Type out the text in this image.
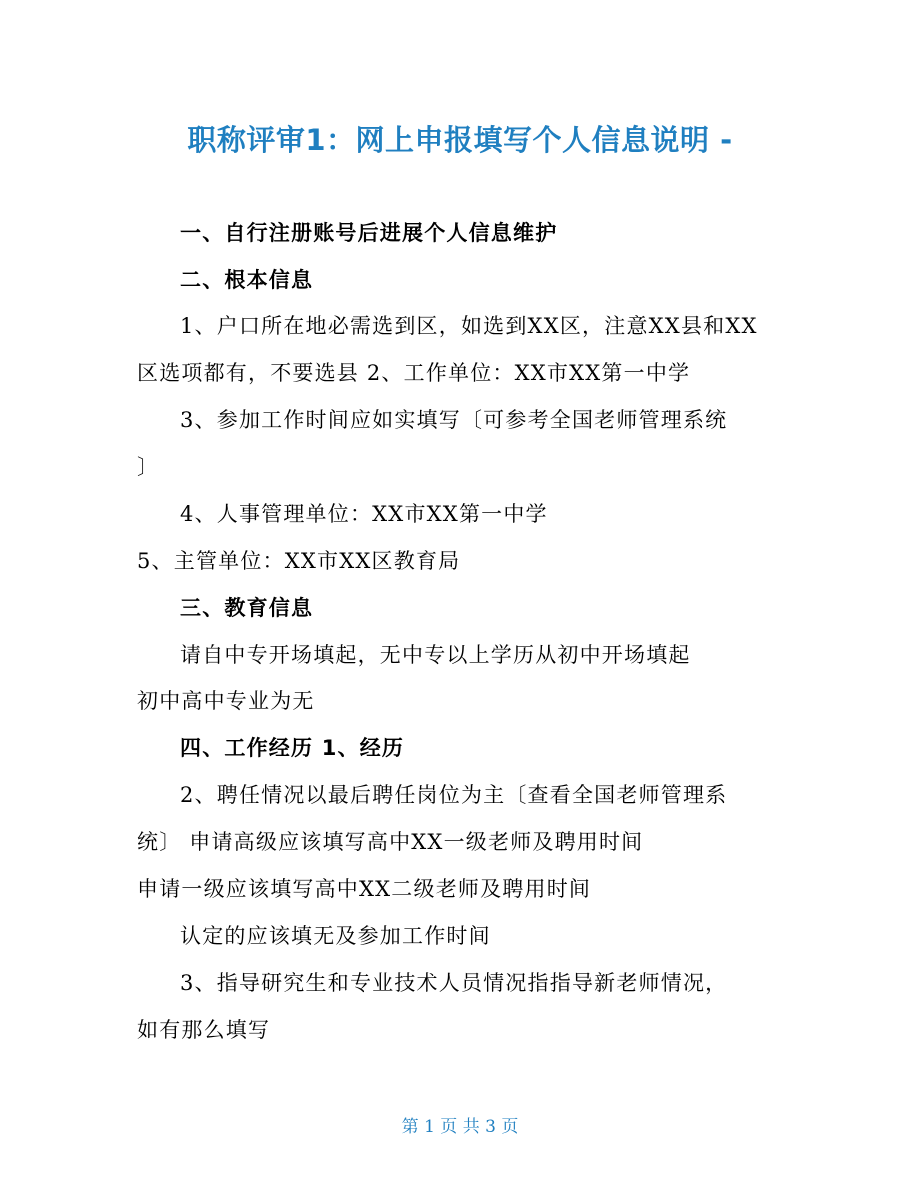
职称评审1：网上申报填写个人信息说明 -
一、自行注册账号后进展个人信息维护
二、根本信息
1、户口所在地必需选到区，如选到XX区，注意XX县和XX
区选项都有，不要选县 2、工作单位：XX市XX第一中学
3、参加工作时间应如实填写〔可参考全国老师管理系统
〕
4、人事管理单位：XX市XX第一中学
5、主管单位：XX市XX区教育局
三、教育信息
请自中专开场填起，无中专以上学历从初中开场填起
初中高中专业为无
四、工作经历 1、经历
2、聘任情况以最后聘任岗位为主〔查看全国老师管理系
统〕 申请高级应该填写高中XX一级老师及聘用时间
申请一级应该填写高中XX二级老师及聘用时间
认定的应该填无及参加工作时间
3、指导研究生和专业技术人员情况指指导新老师情况，
如有那么填写
第 1 页 共 3 页
